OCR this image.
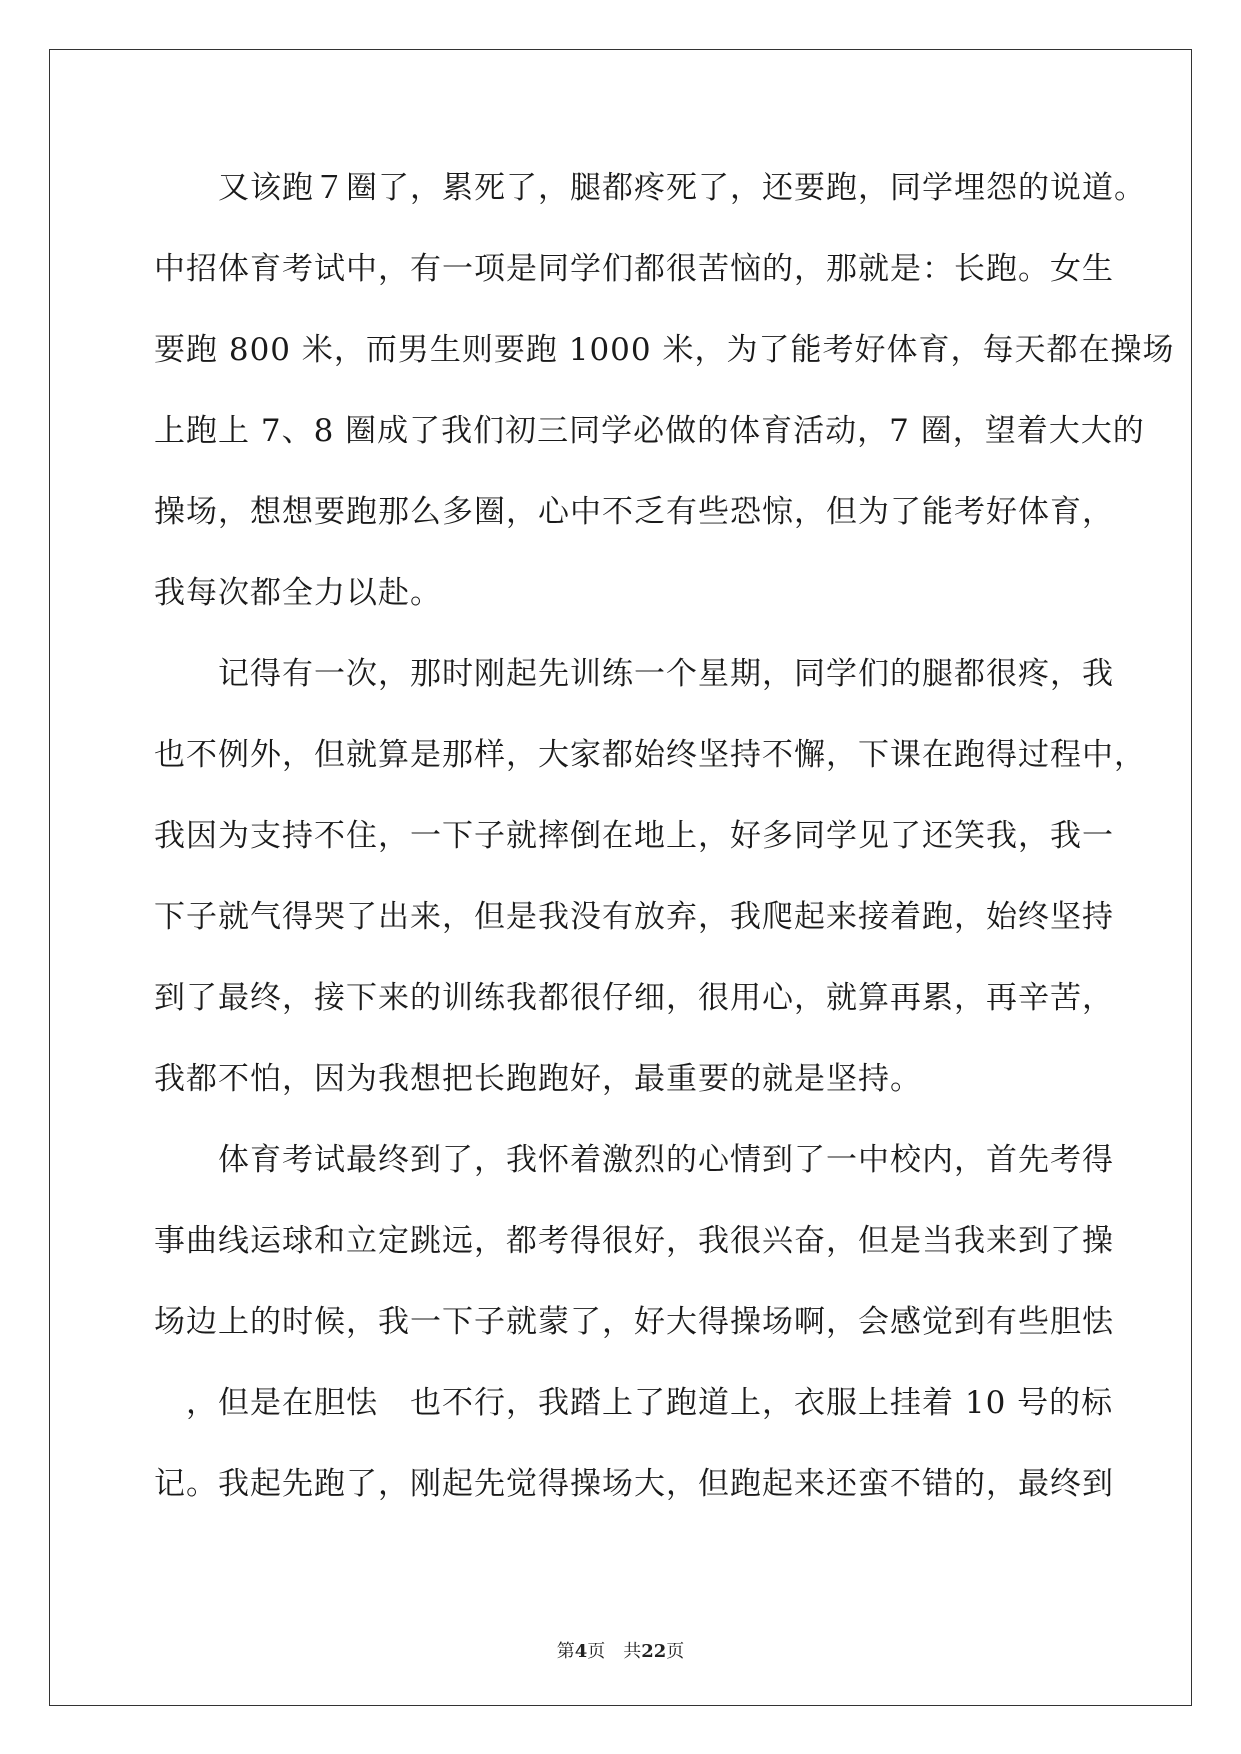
　　又该跑７圈了，累死了，腿都疼死了，还要跑，同学埋怨的说道。
中招体育考试中，有一项是同学们都很苦恼的，那就是：长跑。女生
要跑 800 米，而男生则要跑 1000 米，为了能考好体育，每天都在操场
上跑上 7、8 圈成了我们初三同学必做的体育活动，7 圈，望着大大的
操场，想想要跑那么多圈，心中不乏有些恐惊，但为了能考好体育，
我每次都全力以赴。
　　记得有一次，那时刚起先训练一个星期，同学们的腿都很疼，我
也不例外，但就算是那样，大家都始终坚持不懈，下课在跑得过程中，
我因为支持不住，一下子就摔倒在地上，好多同学见了还笑我，我一
下子就气得哭了出来，但是我没有放弃，我爬起来接着跑，始终坚持
到了最终，接下来的训练我都很仔细，很用心，就算再累，再辛苦，
我都不怕，因为我想把长跑跑好，最重要的就是坚持。
　　体育考试最终到了，我怀着激烈的心情到了一中校内，首先考得
事曲线运球和立定跳远，都考得很好，我很兴奋，但是当我来到了操
场边上的时候，我一下子就蒙了，好大得操场啊，会感觉到有些胆怯
　，但是在胆怯　也不行，我踏上了跑道上，衣服上挂着 10 号的标
记。我起先跑了，刚起先觉得操场大，但跑起来还蛮不错的，最终到
第4页　共22页
